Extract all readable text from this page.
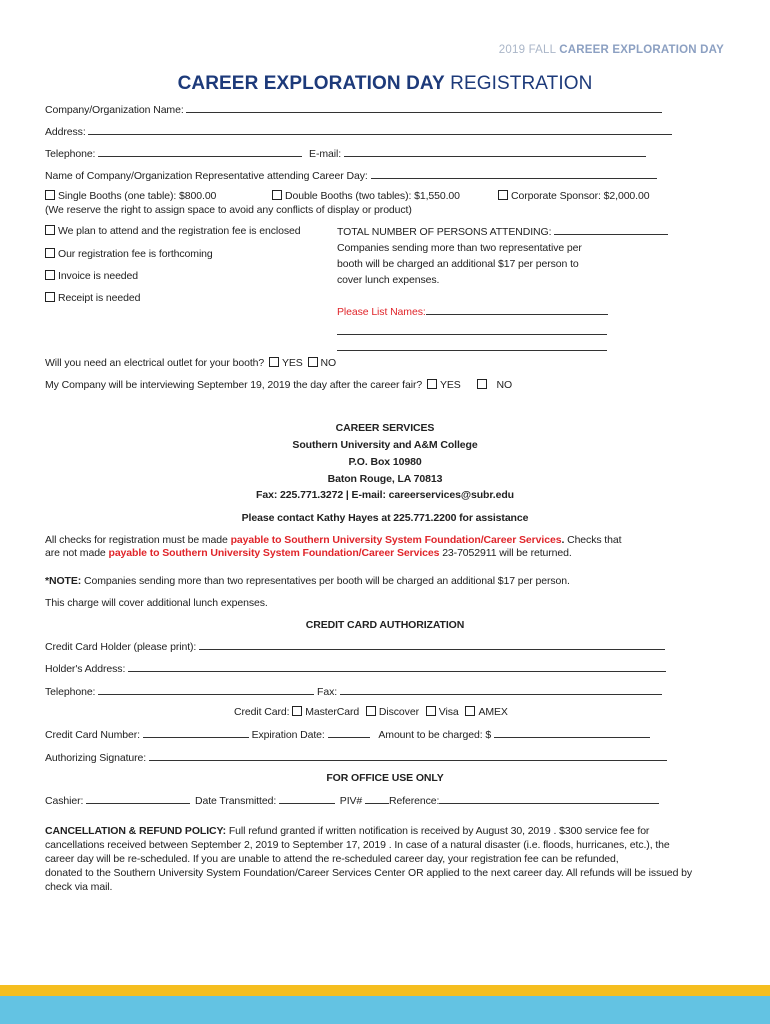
2019 FALL CAREER EXPLORATION DAY
CAREER EXPLORATION DAY REGISTRATION
Company/Organization Name:
Address:
Telephone:	E-mail:
Name of Company/Organization Representative attending Career Day:
Single Booths (one table): $800.00	Double Booths (two tables): $1,550.00	Corporate Sponsor: $2,000.00
(We reserve the right to assign space to avoid any conflicts of display or product)
We plan to attend and the registration fee is enclosed
Our registration fee is forthcoming
Invoice is needed
Receipt is needed
TOTAL NUMBER OF PERSONS ATTENDING:
Companies sending more than two representative per
booth will be charged an additional $17 per person to
cover lunch expenses.
Please List Names:
Will you need an electrical outlet for your booth? YES NO
My Company will be interviewing September 19, 2019 the day after the career fair? YES	NO
CAREER SERVICES
Southern University and A&M College
P.O. Box 10980
Baton Rouge, LA 70813
Fax: 225.771.3272 | E-mail: careerservices@subr.edu
Please contact Kathy Hayes at 225.771.2200 for assistance
All checks for registration must be made payable to Southern University System Foundation/Career Services. Checks that
are not made payable to Southern University System Foundation/Career Services 23-7052911 will be returned.
*NOTE: Companies sending more than two representatives per booth will be charged an additional $17 per person.
This charge will cover additional lunch expenses.
CREDIT CARD AUTHORIZATION
Credit Card Holder (please print):
Holder's Address:
Telephone:	Fax:
Credit Card: MasterCard Discover Visa AMEX
Credit Card Number:	Expiration Date:	Amount to be charged: $
Authorizing Signature:
FOR OFFICE USE ONLY
Cashier:	Date Transmitted:	PIV#	Reference:
CANCELLATION & REFUND POLICY: Full refund granted if written notification is received by August 30, 2019 . $300 service fee for
cancellations received between September 2, 2019 to September 17, 2019 . In case of a natural disaster (i.e. floods, hurricanes, etc.), the
career day will be re-scheduled. If you are unable to attend the re-scheduled career day, your registration fee can be refunded,
donated to the Southern University System Foundation/Career Services Center OR applied to the next career day. All refunds will be issued by
check via mail.
